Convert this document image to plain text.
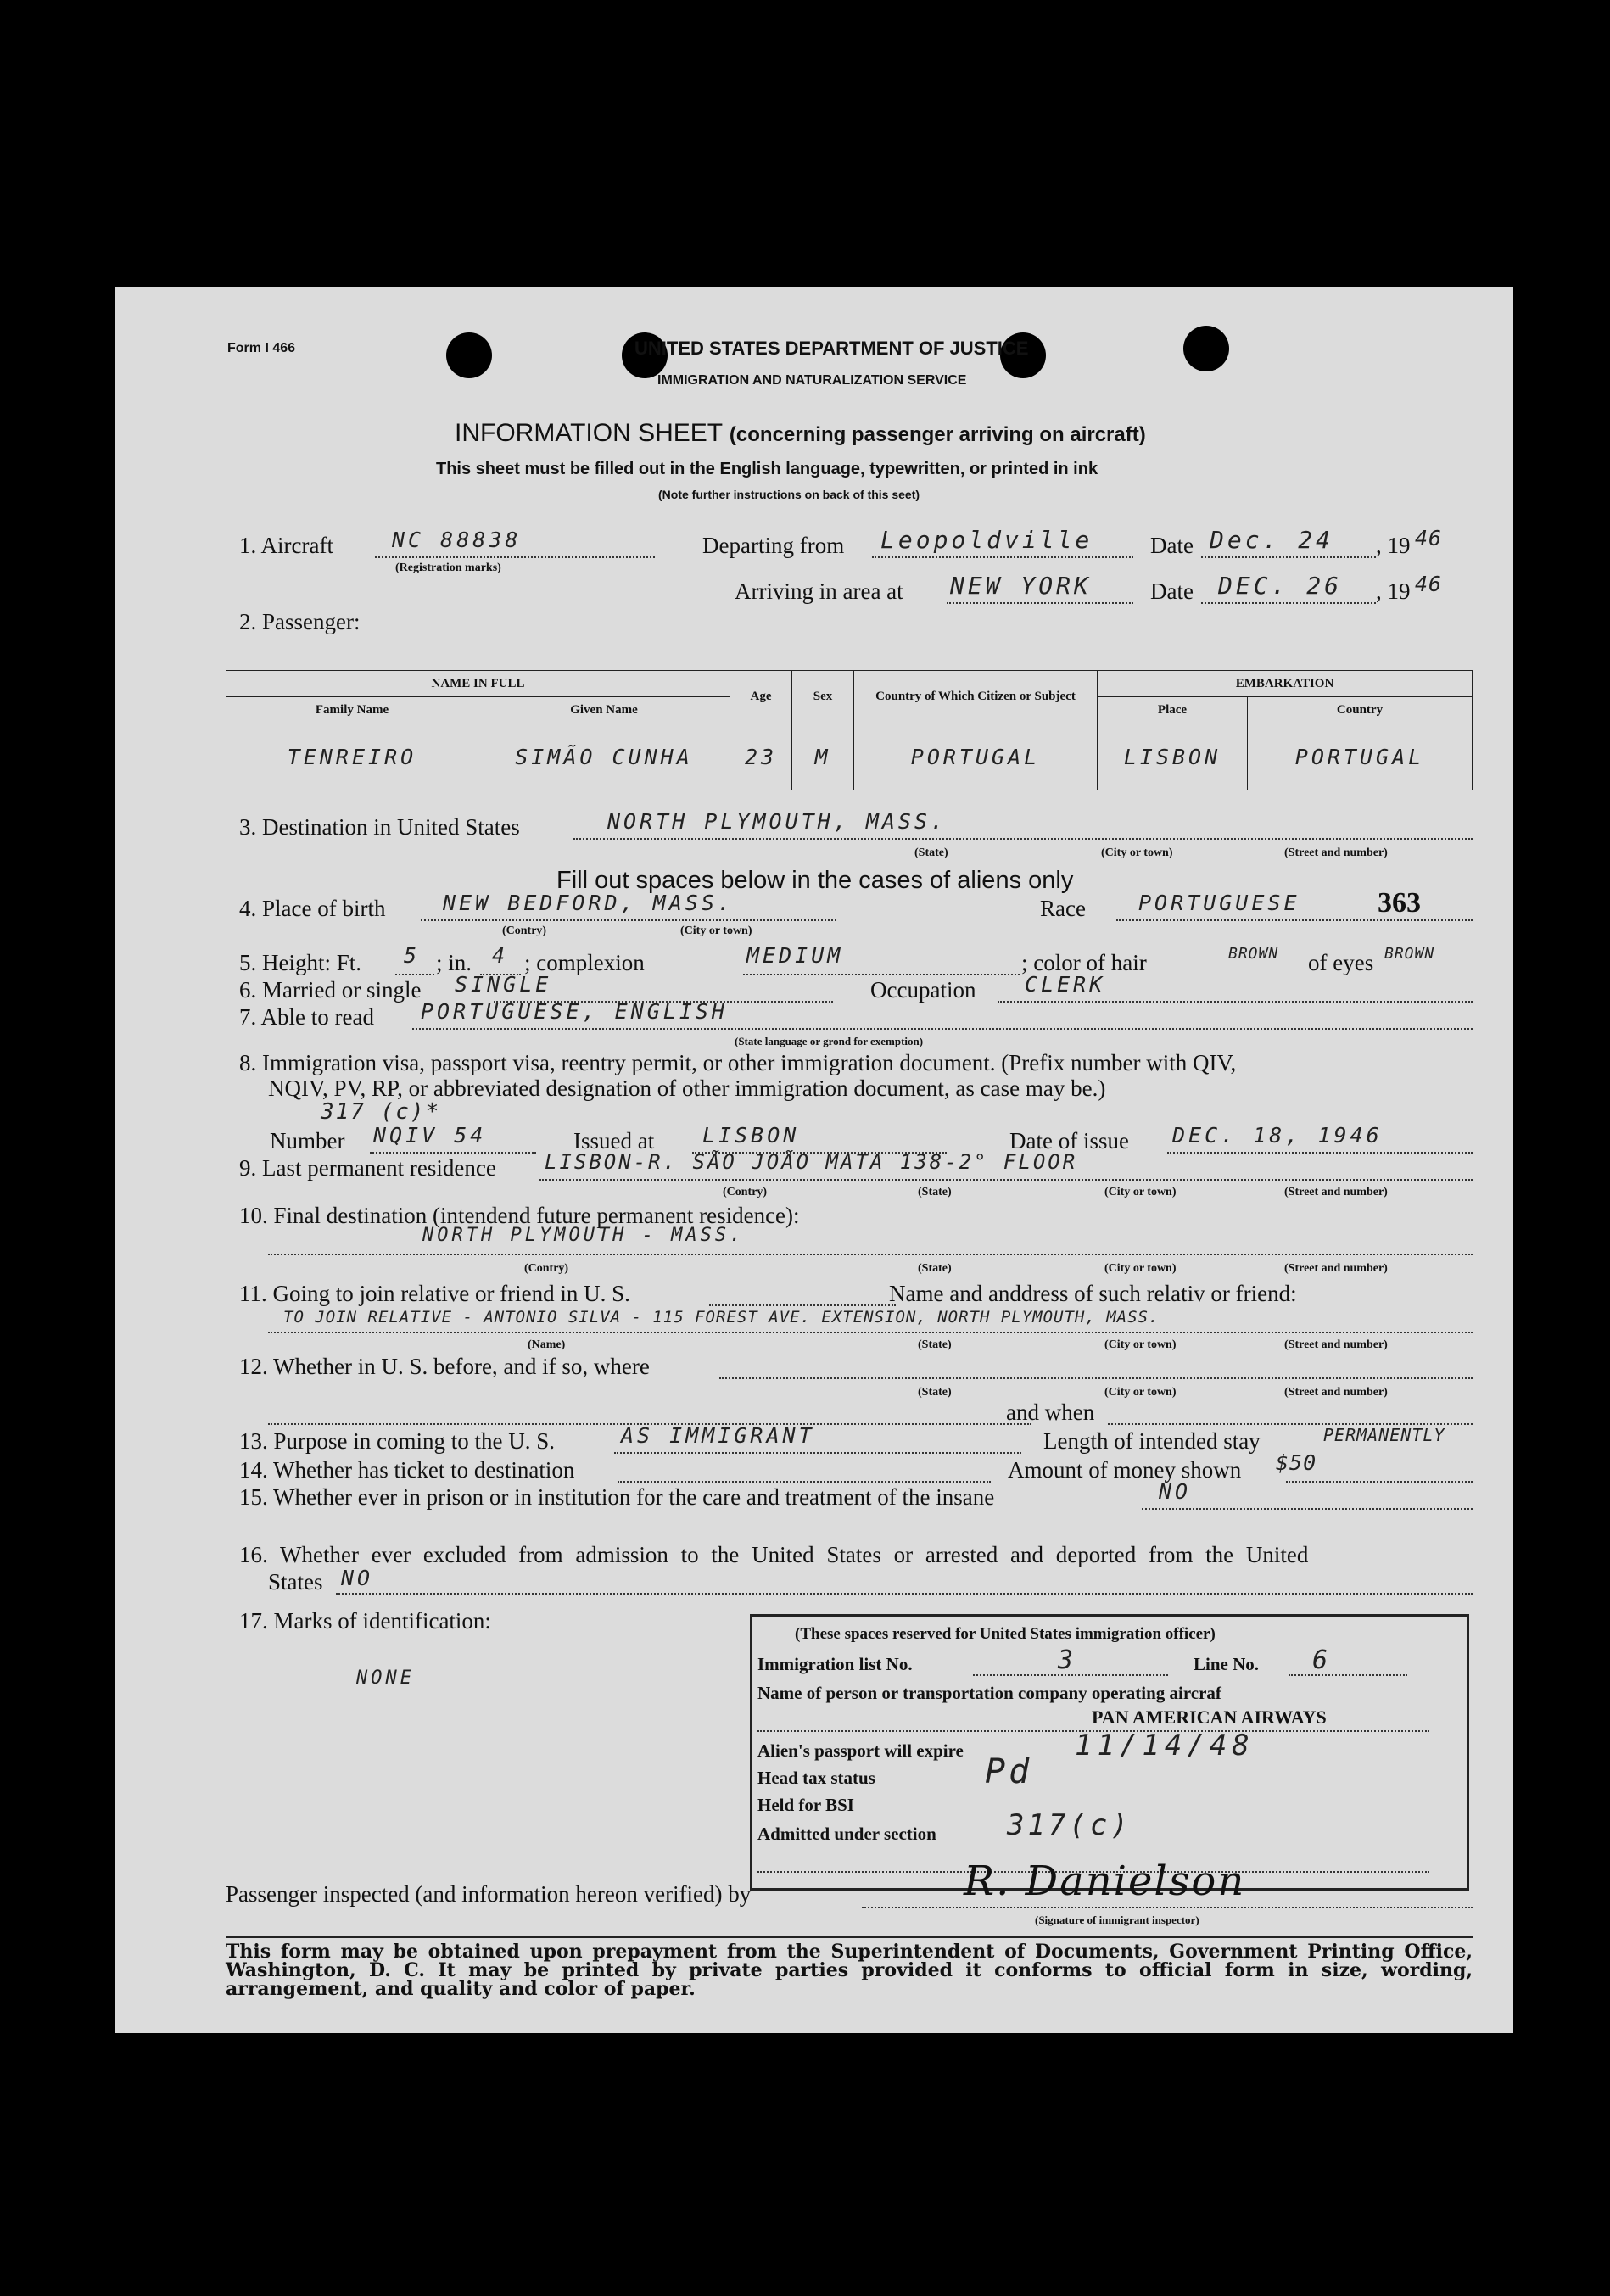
Form I 466	UNITED STATES DEPARTMENT OF JUSTICE
IMMIGRATION AND NATURALIZATION SERVICE
INFORMATION SHEET (concerning passenger arriving on aircraft)
This sheet must be filled out in the English language, typewritten, or printed in ink
(Note further instructions on back of this seet)
1. Aircraft	NC 88838
(Registration marks)
Departing from Leopoldville	Date Dec. 24 , 19 46
Arriving in area at NEW YORK	Date DEC. 26 , 19 46
2. Passenger:
NAME IN FULL		Age	Sex	Country of Which Citizen or Subject	EMBARKATION	
Family Name	Given Name				Place	Country
TENREIRO	SIMÃO CUNHA	23	M	PORTUGAL	LISBON	PORTUGAL
3. Destination in United States	NORTH PLYMOUTH, MASS.
(State)	(City or town)	(Street and number)
Fill out spaces below in the cases of aliens only
4. Place of birth	NEW BEDFORD, MASS.
(Contry)	(City or town)
Race PORTUGUESE	363
5. Height: Ft. 5 ; in. 4 ; complexion	MEDIUM	; color of hair	BROWN of eyes BROWN
6. Married or single SINGLE	Occupation	CLERK
7. Able to read PORTUGUESE, ENGLISH
(State language or grond for exemption)
8. Immigration visa, passport visa, reentry permit, or other immigration document. (Prefix number with QIV,
NQIV, PV, RP, or abbreviated designation of other immigration document, as case may be.)
317 (c)*
Number NQIV 54	Issued at LISBON	Date of issue DEC. 18, 1946
9. Last permanent residence LISBON-R. SÃO JOÃO MATA 138-2° FLOOR
(Contry)	(State)	(City or town)	(Street and number)
10. Final destination (intendend future permanent residence):
NORTH PLYMOUTH - MASS.
(Contry)	(State)	(City or town)	(Street and number)
11. Going to join relative or friend in U. S.	Name and anddress of such relativ or friend:
TO JOIN RELATIVE - ANTONIO SILVA - 115 FOREST AVE. EXTENSION, NORTH PLYMOUTH, MASS.
(Name)	(State)	(City or town)	(Street and number)
12. Whether in U. S. before, and if so, where
(State)	(City or town)	(Street and number)
and when
13. Purpose in coming to the U. S.	AS IMMIGRANT	Length of intended stay	PERMANENTLY
14. Whether has ticket to destination	Amount of money shown $50
15. Whether ever in prison or in institution for the care and treatment of the insane	NO
16. Whether ever excluded from admission to the United States or arrested and deported from the United
States NO
17. Marks of identification:
NONE
(These spaces reserved for United States immigration officer)
Immigration list No.	3	Line No. 6
Name of person or transportation company operating aircraf
PAN AMERICAN AIRWAYS
Alien's passport will expire	11/14/48
Head tax status	Pd
Held for BSI
Admitted under section 317(c)
Passenger inspected (and information hereon verified) by	R. Danielson
(Signature of immigrant inspector)
This form may be obtained upon prepayment from the Superintendent of Documents, Government Printing Office, Washington, D. C. It may be printed by private parties provided it conforms to official form in size, wording, arrangement, and quality and color of paper.
